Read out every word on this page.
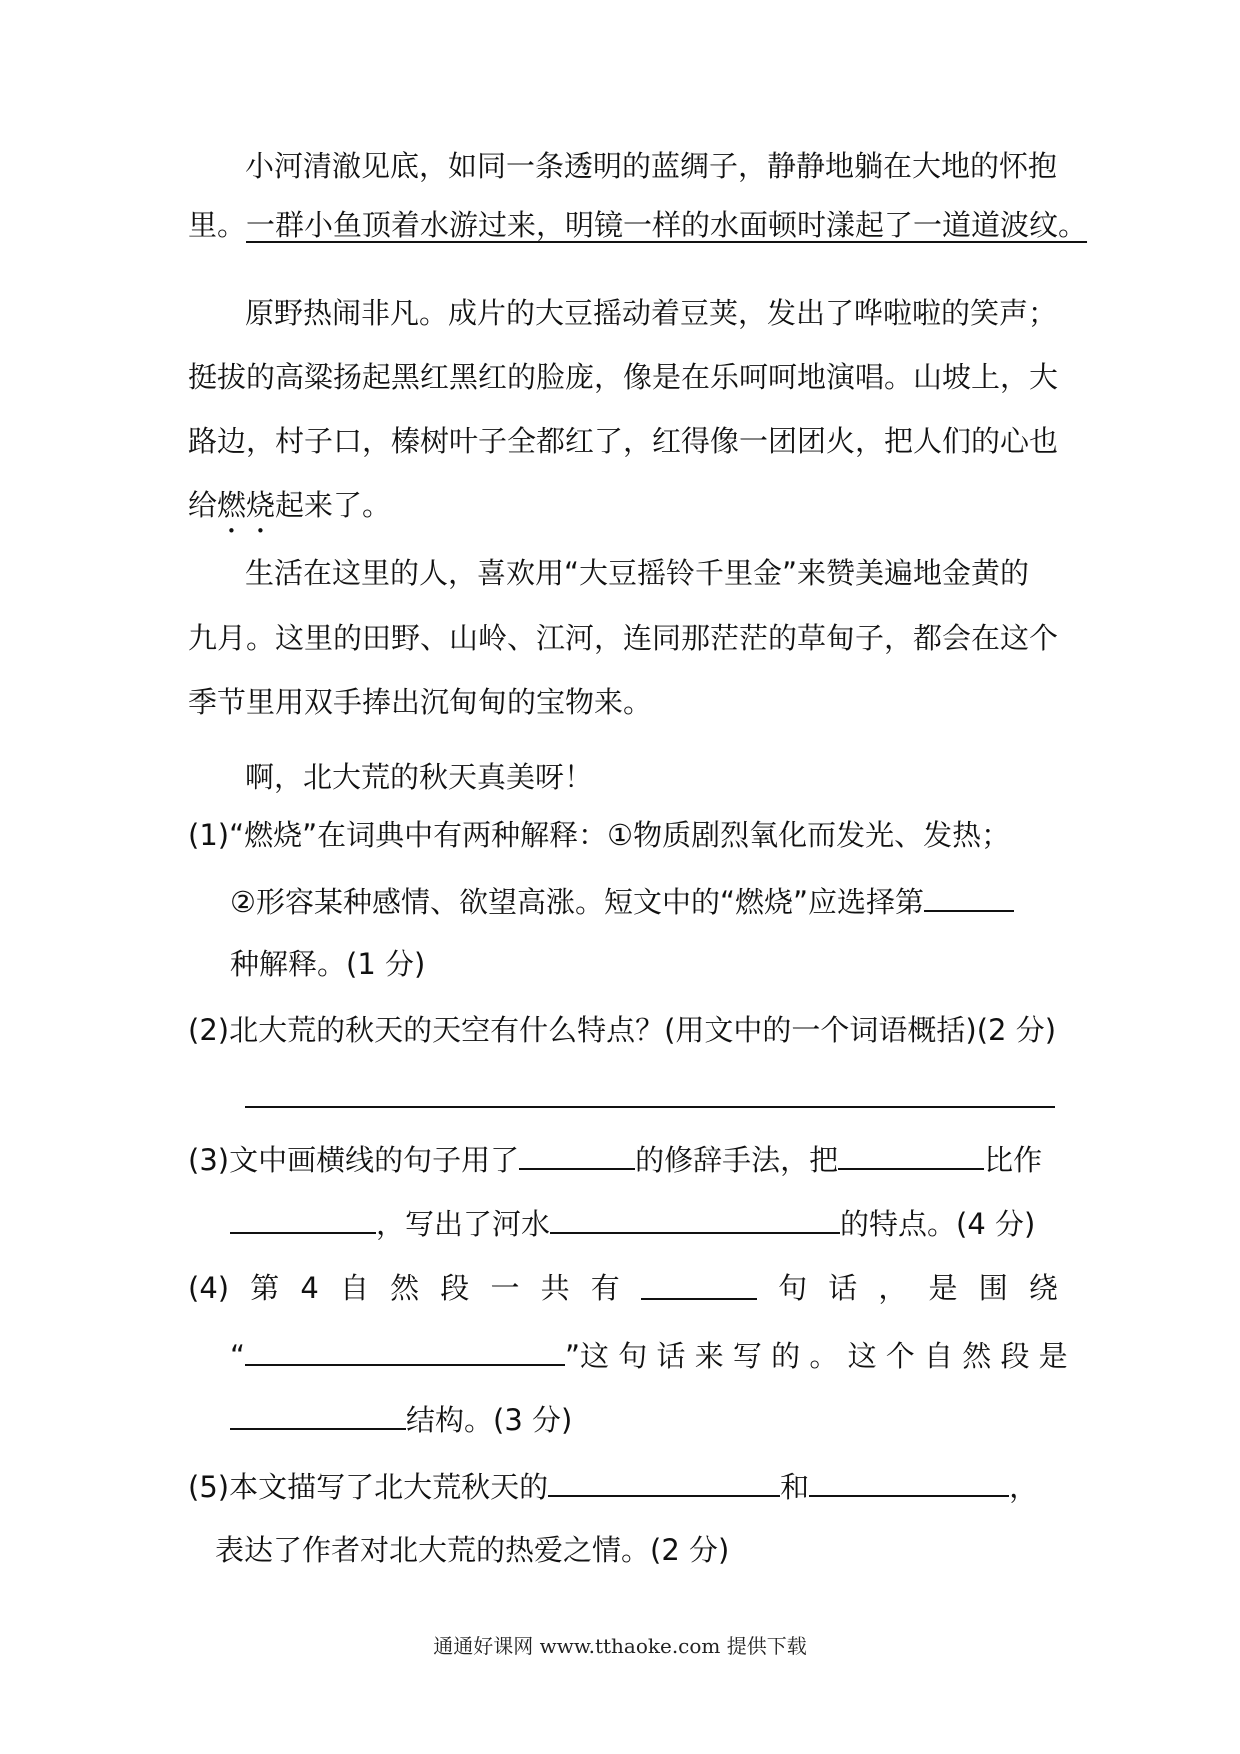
小河清澈见底，如同一条透明的蓝绸子，静静地躺在大地的怀抱

里。一群小鱼顶着水游过来，明镜一样的水面顿时漾起了一道道波纹。

原野热闹非凡。成片的大豆摇动着豆荚，发出了哗啦啦的笑声；

挺拔的高粱扬起黑红黑红的脸庞，像是在乐呵呵地演唱。山坡上，大

路边，村子口，榛树叶子全都红了，红得像一团团火，把人们的心也

给燃烧起来了。

生活在这里的人，喜欢用“大豆摇铃千里金”来赞美遍地金黄的

九月。这里的田野、山岭、江河，连同那茫茫的草甸子，都会在这个

季节里用双手捧出沉甸甸的宝物来。

啊，北大荒的秋天真美呀！

(1)“燃烧”在词典中有两种解释：①物质剧烈氧化而发光、发热；

②形容某种感情、欲望高涨。短文中的“燃烧”应选择第

种解释。(1 分)

(2)北大荒的秋天的天空有什么特点？(用文中的一个词语概括)(2 分)

(3)文中画横线的句子用了	的修辞手法，把	比作

，写出了河水	的特点。(4 分)

(4) 第 4 自 然 段 一 共 有	句 话 ， 是 围 绕

“	”这 句 话 来 写 的 。 这 个 自 然 段 是

结构。(3 分)

(5)本文描写了北大荒秋天的	和	，

表达了作者对北大荒的热爱之情。(2 分)

通通好课网 www.tthaoke.com 提供下载
